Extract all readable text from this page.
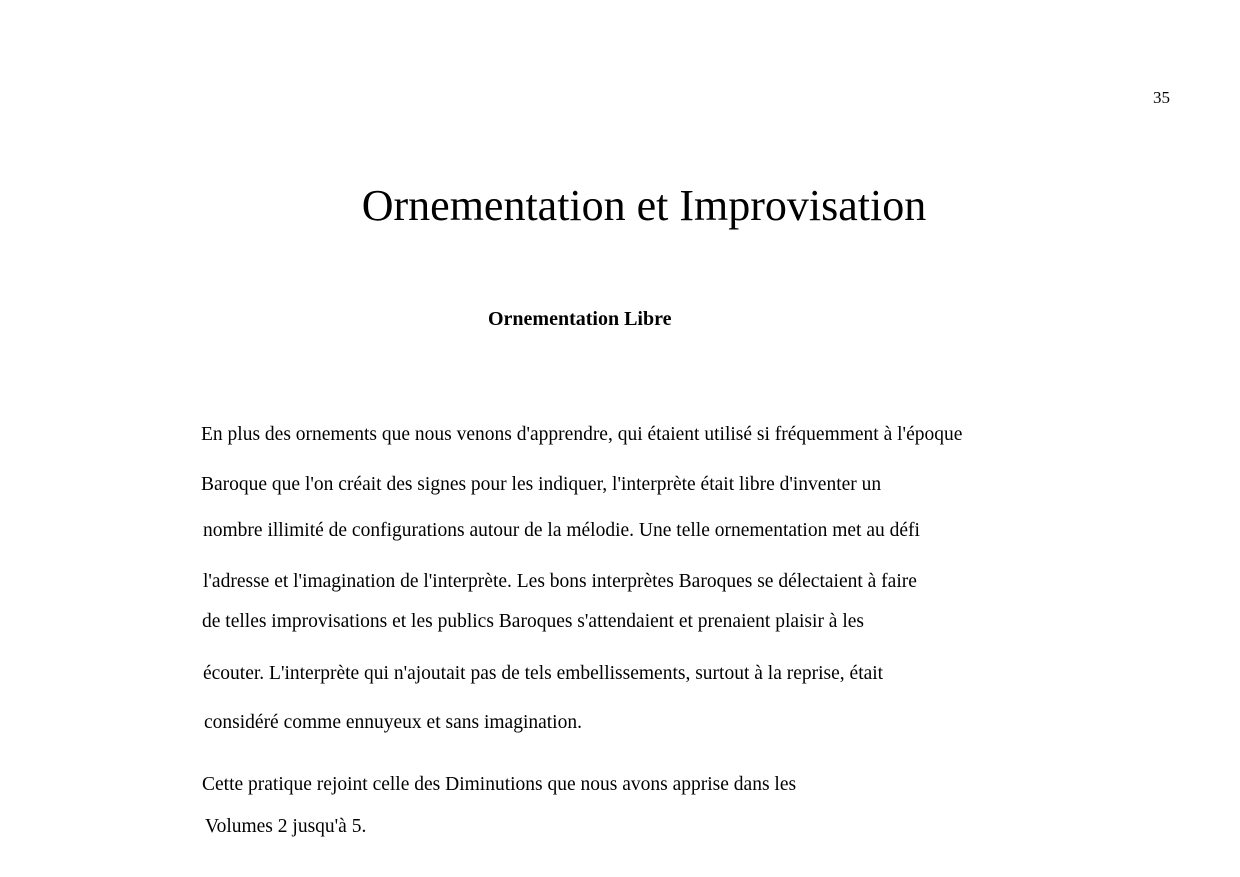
35
Ornementation et Improvisation
Ornementation Libre
En plus des ornements que nous venons d'apprendre, qui étaient utilisé si fréquemment à l'époque
Baroque que l'on créait des signes pour les indiquer, l'interprète était libre d'inventer un
nombre illimité de configurations autour de la mélodie. Une telle ornementation met au défi
l'adresse et l'imagination de l'interprète. Les bons interprètes Baroques se délectaient à faire
de telles improvisations et les publics Baroques s'attendaient et prenaient plaisir à les
écouter. L'interprète qui n'ajoutait pas de tels embellissements, surtout à la reprise, était
considéré comme ennuyeux et sans imagination.
Cette pratique rejoint celle des Diminutions que nous avons apprise dans les
Volumes 2 jusqu'à 5.
